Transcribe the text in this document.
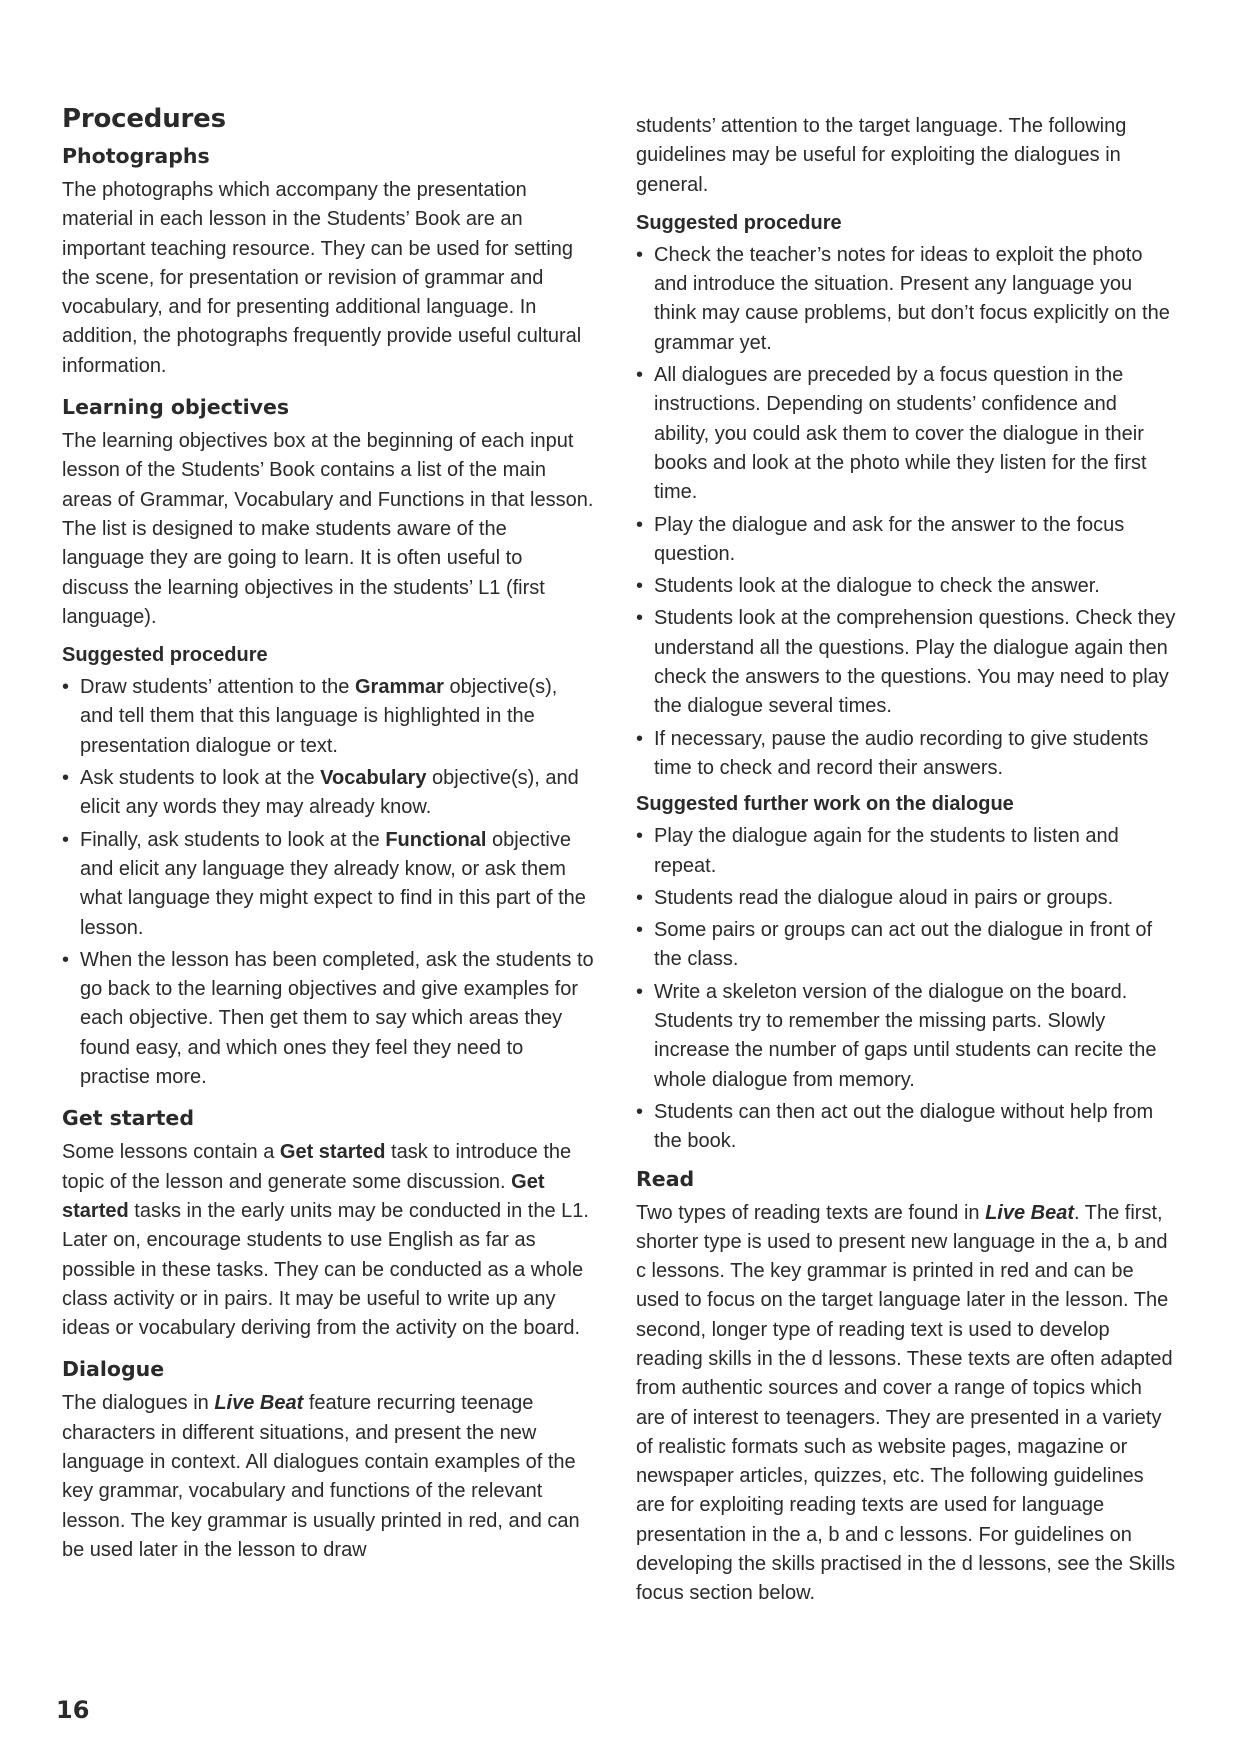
Procedures
Photographs

The photographs which accompany the presentation material in each lesson in the Students’ Book are an important teaching resource. They can be used for setting the scene, for presentation or revision of grammar and vocabulary, and for presenting additional language. In addition, the photographs frequently provide useful cultural information.

Learning objectives

The learning objectives box at the beginning of each input lesson of the Students’ Book contains a list of the main areas of Grammar, Vocabulary and Functions in that lesson. The list is designed to make students aware of the language they are going to learn. It is often useful to discuss the learning objectives in the students’ L1 (first language).

Suggested procedure
• Draw students’ attention to the Grammar objective(s), and tell them that this language is highlighted in the presentation dialogue or text.
• Ask students to look at the Vocabulary objective(s), and elicit any words they may already know.
• Finally, ask students to look at the Functional objective and elicit any language they already know, or ask them what language they might expect to find in this part of the lesson.
• When the lesson has been completed, ask the students to go back to the learning objectives and give examples for each objective. Then get them to say which areas they found easy, and which ones they feel they need to practise more.
Get started

Some lessons contain a Get started task to introduce the topic of the lesson and generate some discussion. Get started tasks in the early units may be conducted in the L1. Later on, encourage students to use English as far as possible in these tasks. They can be conducted as a whole class activity or in pairs. It may be useful to write up any ideas or vocabulary deriving from the activity on the board.

Dialogue

The dialogues in Live Beat feature recurring teenage characters in different situations, and present the new language in context. All dialogues contain examples of the key grammar, vocabulary and functions of the relevant lesson. The key grammar is usually printed in red, and can be used later in the lesson to draw

students’ attention to the target language. The following guidelines may be useful for exploiting the dialogues in general.

Suggested procedure
• Check the teacher’s notes for ideas to exploit the photo and introduce the situation. Present any language you think may cause problems, but don’t focus explicitly on the grammar yet.
• All dialogues are preceded by a focus question in the instructions. Depending on students’ confidence and ability, you could ask them to cover the dialogue in their books and look at the photo while they listen for the first time.
• Play the dialogue and ask for the answer to the focus question.
• Students look at the dialogue to check the answer.
• Students look at the comprehension questions. Check they understand all the questions. Play the dialogue again then check the answers to the questions. You may need to play the dialogue several times.
• If necessary, pause the audio recording to give students time to check and record their answers.
Suggested further work on the dialogue
• Play the dialogue again for the students to listen and repeat.
• Students read the dialogue aloud in pairs or groups.
• Some pairs or groups can act out the dialogue in front of the class.
• Write a skeleton version of the dialogue on the board. Students try to remember the missing parts. Slowly increase the number of gaps until students can recite the whole dialogue from memory.
• Students can then act out the dialogue without help from the book.
Read

Two types of reading texts are found in Live Beat. The first, shorter type is used to present new language in the a, b and c lessons. The key grammar is printed in red and can be used to focus on the target language later in the lesson. The second, longer type of reading text is used to develop reading skills in the d lessons. These texts are often adapted from authentic sources and cover a range of topics which are of interest to teenagers. They are presented in a variety of realistic formats such as website pages, magazine or newspaper articles, quizzes, etc. The following guidelines are for exploiting reading texts are used for language presentation in the a, b and c lessons. For guidelines on developing the skills practised in the d lessons, see the Skills focus section below.

16
